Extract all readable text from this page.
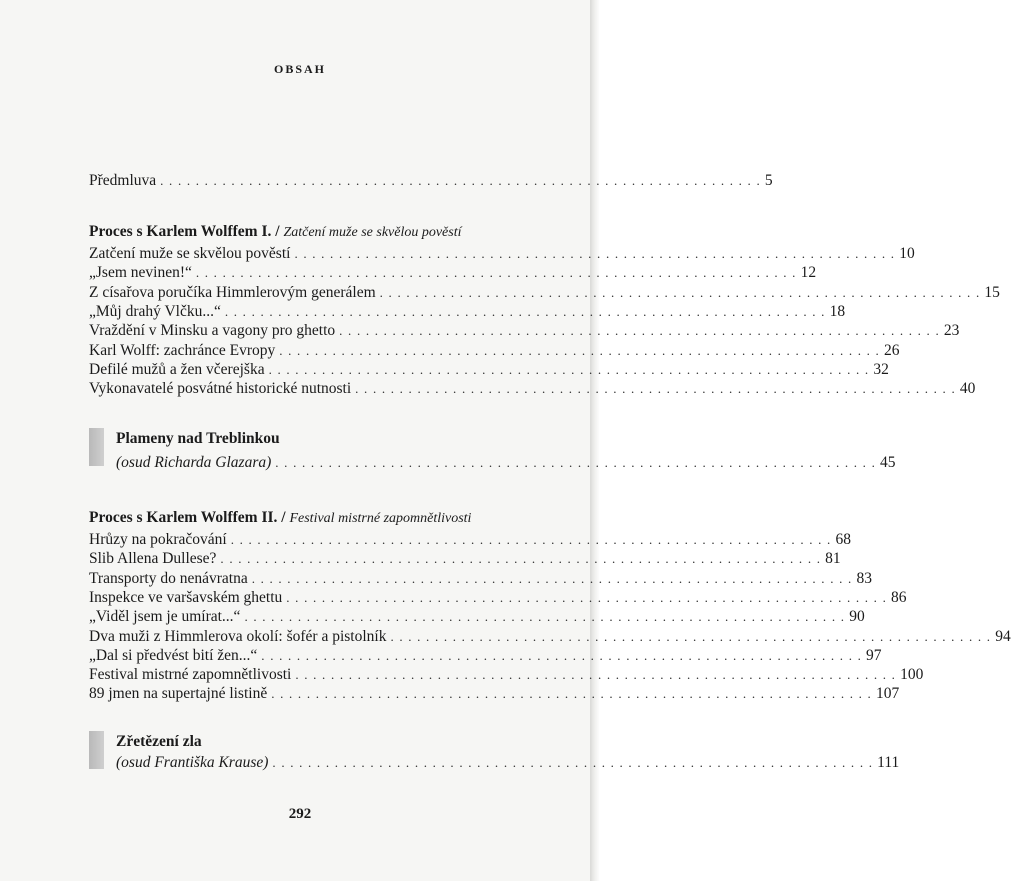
OBSAH
Předmluva . . . . . . . . . . . . . . . . . . . . . . . . . . . . . . . . . . . . . . . . . . . . . . . . . . . . . . . . . . . . . . . . . . . . 5
Proces s Karlem Wolffem I. / Zatčení muže se skvělou pověstí
Zatčení muže se skvělou pověstí . . . . . . . . . . . . . . . . . . . . . . . . . . . . . . . . . . . . . . . . . . . . . . . . . . . . . . . . . . . . . . . . . . . . 10
„Jsem nevinen!“ . . . . . . . . . . . . . . . . . . . . . . . . . . . . . . . . . . . . . . . . . . . . . . . . . . . . . . . . . . . . . . . . . . . . 12
Z císařova poručíka Himmlerovým generálem . . . . . . . . . . . . . . . . . . . . . . . . . . . . . . . . . . . . . . . . . . . . . . . . . . . . . . . . . . . . . . . . . . . . 15
„Můj drahý Vlčku...“ . . . . . . . . . . . . . . . . . . . . . . . . . . . . . . . . . . . . . . . . . . . . . . . . . . . . . . . . . . . . . . . . . . . . 18
Vraždění v Minsku a vagony pro ghetto . . . . . . . . . . . . . . . . . . . . . . . . . . . . . . . . . . . . . . . . . . . . . . . . . . . . . . . . . . . . . . . . . . . . 23
Karl Wolff: zachránce Evropy . . . . . . . . . . . . . . . . . . . . . . . . . . . . . . . . . . . . . . . . . . . . . . . . . . . . . . . . . . . . . . . . . . . . 26
Defilé mužů a žen včerejška . . . . . . . . . . . . . . . . . . . . . . . . . . . . . . . . . . . . . . . . . . . . . . . . . . . . . . . . . . . . . . . . . . . . 32
Vykonavatelé posvátné historické nutnosti . . . . . . . . . . . . . . . . . . . . . . . . . . . . . . . . . . . . . . . . . . . . . . . . . . . . . . . . . . . . . . . . . . . . 40
Plameny nad Treblinkou
(osud Richarda Glazara) . . . . . . . . . . . . . . . . . . . . . . . . . . . . . . . . . . . . . . . . . . . . . . . . . . . . . . . . . . . . . . . . . . . . 45
Proces s Karlem Wolffem II. / Festival mistrné zapomnětlivosti
Hrůzy na pokračování . . . . . . . . . . . . . . . . . . . . . . . . . . . . . . . . . . . . . . . . . . . . . . . . . . . . . . . . . . . . . . . . . . . . 68
Slib Allena Dullese? . . . . . . . . . . . . . . . . . . . . . . . . . . . . . . . . . . . . . . . . . . . . . . . . . . . . . . . . . . . . . . . . . . . . 81
Transporty do nenávratna . . . . . . . . . . . . . . . . . . . . . . . . . . . . . . . . . . . . . . . . . . . . . . . . . . . . . . . . . . . . . . . . . . . . 83
Inspekce ve varšavském ghettu . . . . . . . . . . . . . . . . . . . . . . . . . . . . . . . . . . . . . . . . . . . . . . . . . . . . . . . . . . . . . . . . . . . . 86
„Viděl jsem je umírat...“ . . . . . . . . . . . . . . . . . . . . . . . . . . . . . . . . . . . . . . . . . . . . . . . . . . . . . . . . . . . . . . . . . . . . 90
Dva muži z Himmlerova okolí: šofér a pistolník . . . . . . . . . . . . . . . . . . . . . . . . . . . . . . . . . . . . . . . . . . . . . . . . . . . . . . . . . . . . . . . . . . . . 94
„Dal si předvést bití žen...“ . . . . . . . . . . . . . . . . . . . . . . . . . . . . . . . . . . . . . . . . . . . . . . . . . . . . . . . . . . . . . . . . . . . . 97
Festival mistrné zapomnětlivosti . . . . . . . . . . . . . . . . . . . . . . . . . . . . . . . . . . . . . . . . . . . . . . . . . . . . . . . . . . . . . . . . . . . . 100
89 jmen na supertajné listině . . . . . . . . . . . . . . . . . . . . . . . . . . . . . . . . . . . . . . . . . . . . . . . . . . . . . . . . . . . . . . . . . . . . 107
Zřetězení zla
(osud Františka Krause) . . . . . . . . . . . . . . . . . . . . . . . . . . . . . . . . . . . . . . . . . . . . . . . . . . . . . . . . . . . . . . . . . . . . 111
292
